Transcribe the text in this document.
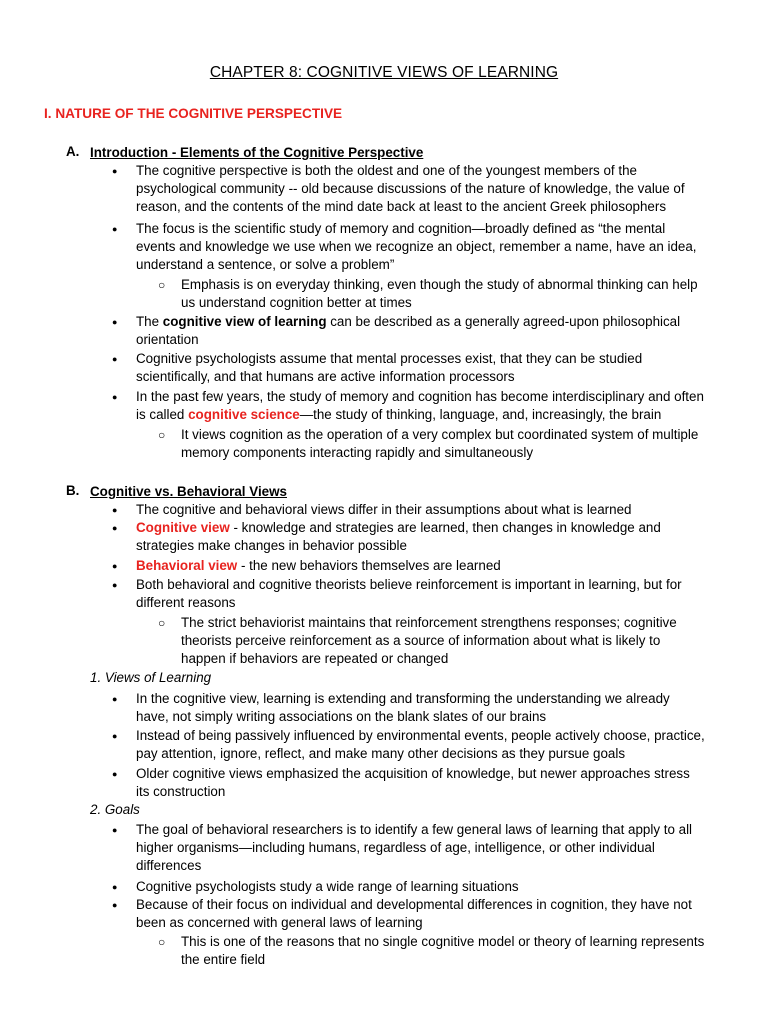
CHAPTER 8: COGNITIVE VIEWS OF LEARNING
I. NATURE OF THE COGNITIVE PERSPECTIVE
A. Introduction - Elements of the Cognitive Perspective
● The cognitive perspective is both the oldest and one of the youngest members of the
psychological community -- old because discussions of the nature of knowledge, the value of
reason, and the contents of the mind date back at least to the ancient Greek philosophers
● The focus is the scientific study of memory and cognition—broadly defined as “the mental
events and knowledge we use when we recognize an object, remember a name, have an idea,
understand a sentence, or solve a problem”
○ Emphasis is on everyday thinking, even though the study of abnormal thinking can help
us understand cognition better at times
● The cognitive view of learning can be described as a generally agreed-upon philosophical
orientation
● Cognitive psychologists assume that mental processes exist, that they can be studied
scientifically, and that humans are active information processors
● In the past few years, the study of memory and cognition has become interdisciplinary and often
is called cognitive science—the study of thinking, language, and, increasingly, the brain
○ It views cognition as the operation of a very complex but coordinated system of multiple
memory components interacting rapidly and simultaneously
B. Cognitive vs. Behavioral Views
● The cognitive and behavioral views differ in their assumptions about what is learned
● Cognitive view - knowledge and strategies are learned, then changes in knowledge and
strategies make changes in behavior possible
● Behavioral view - the new behaviors themselves are learned
● Both behavioral and cognitive theorists believe reinforcement is important in learning, but for
different reasons
○ The strict behaviorist maintains that reinforcement strengthens responses; cognitive
theorists perceive reinforcement as a source of information about what is likely to
happen if behaviors are repeated or changed
1. Views of Learning
● In the cognitive view, learning is extending and transforming the understanding we already
have, not simply writing associations on the blank slates of our brains
● Instead of being passively influenced by environmental events, people actively choose, practice,
pay attention, ignore, reflect, and make many other decisions as they pursue goals
● Older cognitive views emphasized the acquisition of knowledge, but newer approaches stress
its construction
2. Goals
● The goal of behavioral researchers is to identify a few general laws of learning that apply to all
higher organisms—including humans, regardless of age, intelligence, or other individual
differences
● Cognitive psychologists study a wide range of learning situations
● Because of their focus on individual and developmental differences in cognition, they have not
been as concerned with general laws of learning
○ This is one of the reasons that no single cognitive model or theory of learning represents
the entire field
